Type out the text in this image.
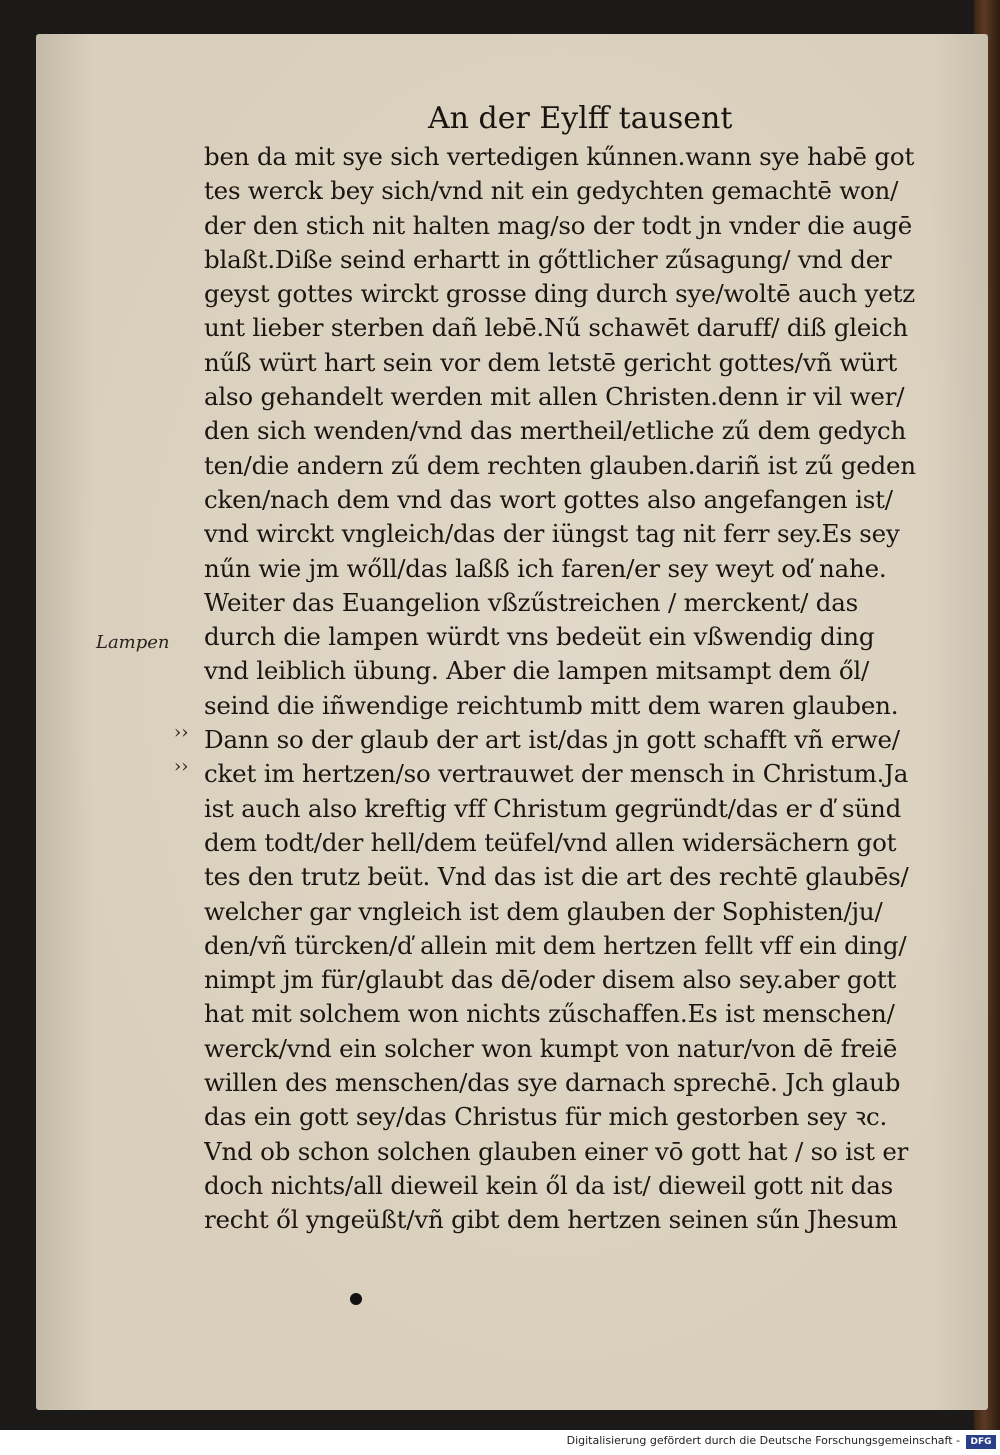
An der Eylff tausent
Lampen
››
››
ben da mit sye sich vertedigen kűnnen.wann sye habē got
tes werck bey sich/vnd nit ein gedychten gemachtē won/
der den stich nit halten mag/so der todt jn vnder die augē
blaßt.Diße seind erhartt in gőttlicher zűsagung/ vnd der
geyst gottes wirckt grosse ding durch sye/woltē auch yetz
unt lieber sterben dañ lebē.Nű schawēt daruff/ diß gleich
nűß würt hart sein vor dem letstē gericht gottes/vñ würt
also gehandelt werden mit allen Christen.denn ir vil wer/
den sich wenden/vnd das mertheil/etliche zű dem gedych
ten/die andern zű dem rechten glauben.dariñ ist zű geden
cken/nach dem vnd das wort gottes also angefangen ist/
vnd wirckt vngleich/das der iüngst tag nit ferr sey.Es sey
nűn wie jm wőll/das laßß ich faren/er sey weyt oď nahe.
Weiter das Euangelion vßzűstreichen / merckent/ das
durch die lampen würdt vns bedeüt ein vßwendig ding
vnd leiblich übung. Aber die lampen mitsampt dem ől/
seind die iñwendige reichtumb mitt dem waren glauben.
Dann so der glaub der art ist/das jn gott schafft vñ erwe/
cket im hertzen/so vertrauwet der mensch in Christum.Ja
ist auch also kreftig vff Christum gegründt/das er ď sünd
dem todt/der hell/dem teüfel/vnd allen widersächern got
tes den trutz beüt. Vnd das ist die art des rechtē glaubēs/
welcher gar vngleich ist dem glauben der Sophisten/ju/
den/vñ türcken/ď allein mit dem hertzen fellt vff ein ding/
nimpt jm für/glaubt das dē/oder disem also sey.aber gott
hat mit solchem won nichts zűschaffen.Es ist menschen/
werck/vnd ein solcher won kumpt von natur/von dē freiē
willen des menschen/das sye darnach sprechē. Jch glaub
das ein gott sey/das Christus für mich gestorben sey ꝛc.
Vnd ob schon solchen glauben einer vō gott hat / so ist er
doch nichts/all dieweil kein ől da ist/ dieweil gott nit das
recht ől yngeüßt/vñ gibt dem hertzen seinen sűn Jhesum
Digitalisierung gefördert durch die Deutsche Forschungsgemeinschaft -	DFG
